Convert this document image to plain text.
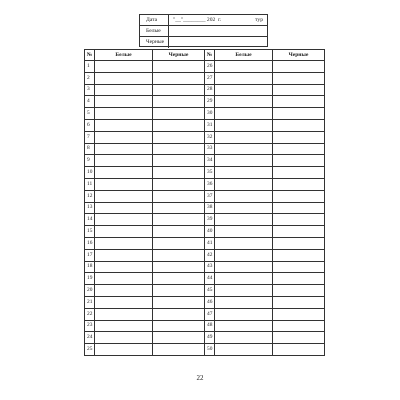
Дата	"__"________ 202  г.	тур
Белые
Черные
№	Белые	Черные	№	Белые	Черные
1			26		
2			27		
3			28		
4			29		
5			30		
6			31		
7			32		
8			33		
9			34		
10			35		
11			36		
12			37		
13			38		
14			39		
15			40		
16			41		
17			42		
18			43		
19			44		
20			45		
21			46		
22			47		
23			48		
24			49		
25			50		
22
